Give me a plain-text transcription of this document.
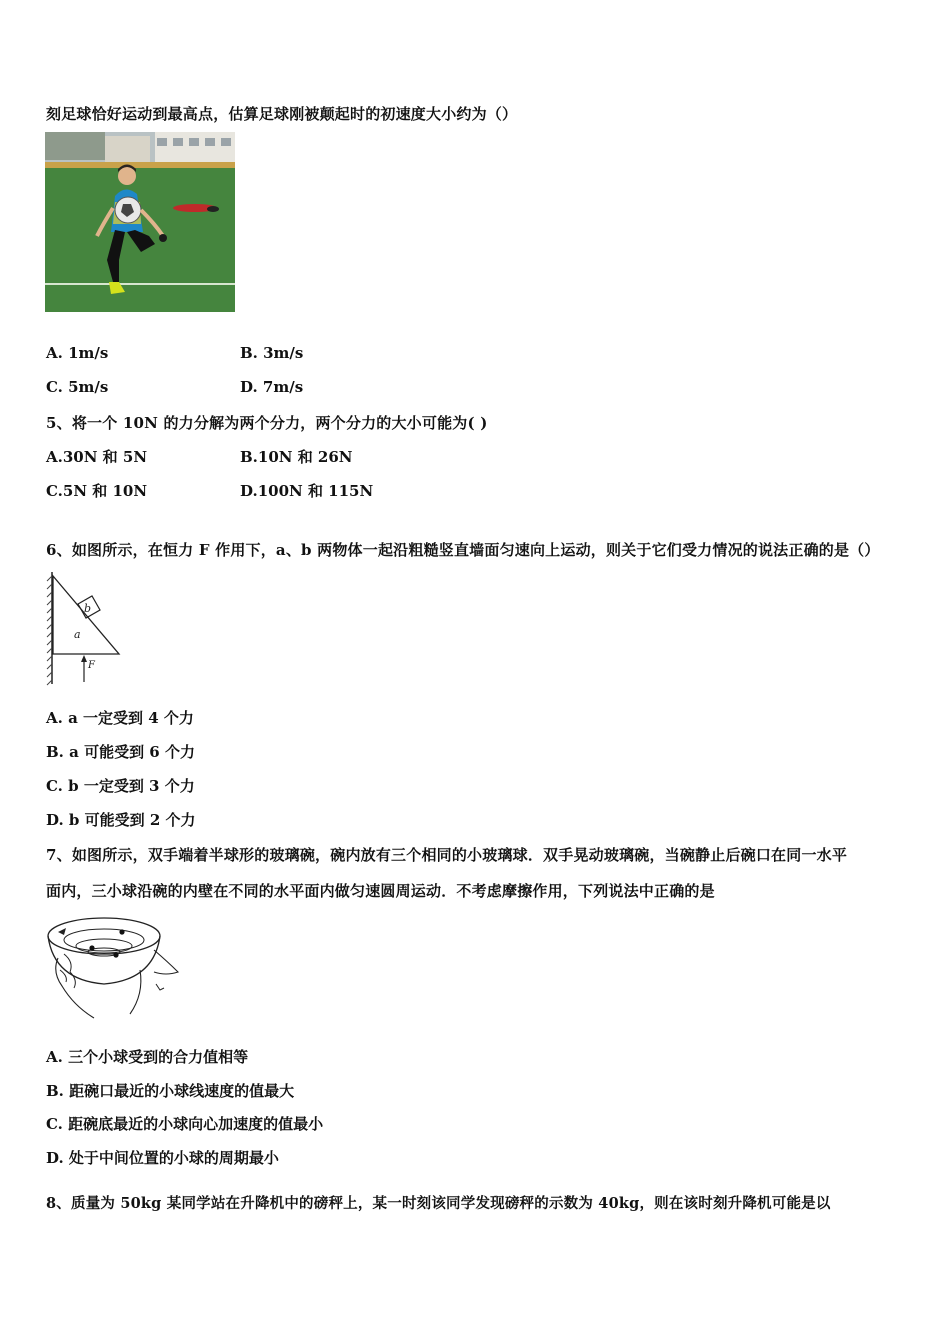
刻足球恰好运动到最高点，估算足球刚被颠起时的初速度大小约为（）
A. 1m/s	B. 3m/s
C. 5m/s	D. 7m/s
5、将一个 10N 的力分解为两个分力，两个分力的大小可能为( )
A.30N 和 5N	B.10N 和 26N
C.5N 和 10N	D.100N 和 115N
6、如图所示，在恒力 F 作用下，a、b 两物体一起沿粗糙竖直墙面匀速向上运动，则关于它们受力情况的说法正确的是（）
b
a
F
A. a 一定受到 4 个力
B. a 可能受到 6 个力
C. b 一定受到 3 个力
D. b 可能受到 2 个力
7、如图所示，双手端着半球形的玻璃碗，碗内放有三个相同的小玻璃球．双手晃动玻璃碗，当碗静止后碗口在同一水平
面内，三小球沿碗的内壁在不同的水平面内做匀速圆周运动．不考虑摩擦作用，下列说法中正确的是
A. 三个小球受到的合力值相等
B. 距碗口最近的小球线速度的值最大
C. 距碗底最近的小球向心加速度的值最小
D. 处于中间位置的小球的周期最小
8、质量为 50kg 某同学站在升降机中的磅秤上，某一时刻该同学发现磅秤的示数为 40kg，则在该时刻升降机可能是以
